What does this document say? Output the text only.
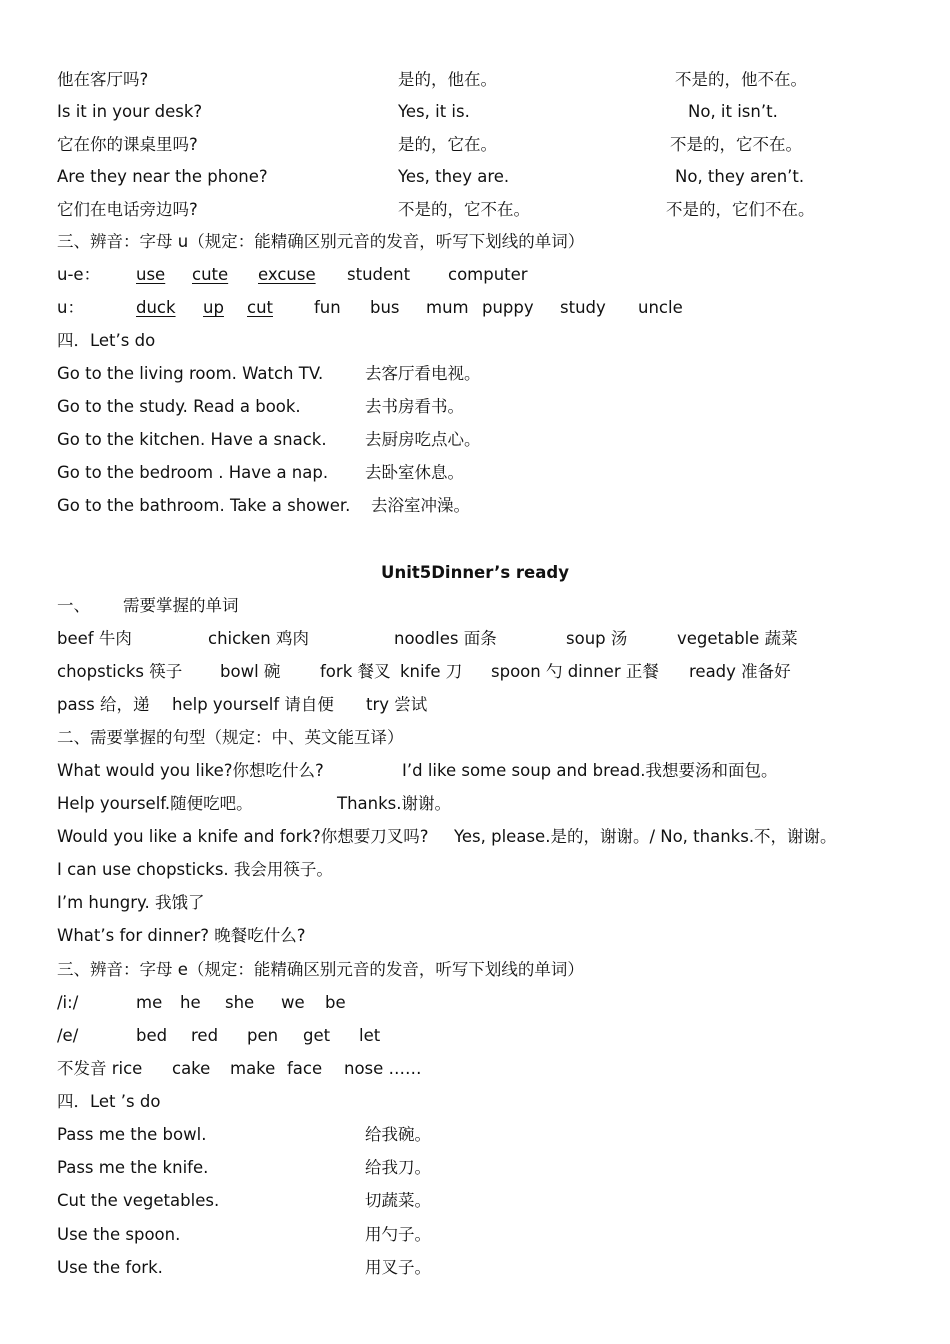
他在客厅吗?	是的，他在。	不是的，他不在。
Is it in your desk?	Yes, it is.	No, it isn’t.
它在你的课桌里吗?	是的，它在。	不是的，它不在。
Are they near the phone?	Yes, they are.	No, they aren’t.
它们在电话旁边吗?	不是的，它不在。	不是的，它们不在。
三、辨音：字母 u（规定：能精确区别元音的发音，听写下划线的单词）
u-e： use cute excuse student computer
u：	duck up cut fun bus mum puppy study uncle
四．Let’s do
Go to the living room. Watch TV.	去客厅看电视。
Go to the study. Read a book.	去书房看书。
Go to the kitchen. Have a snack. 去厨房吃点心。
Go to the bedroom . Have a nap. 去卧室休息。
Go to the bathroom. Take a shower. 去浴室冲澡。
Unit5Dinner’s ready
一、 需要掌握的单词
beef 牛肉	chicken 鸡肉	noodles 面条	soup 汤	vegetable 蔬菜
chopsticks 筷子 bowl 碗 fork 餐叉 knife 刀 spoon 勺 dinner 正餐 ready 准备好
pass 给，递 help yourself 请自便 try 尝试
二、需要掌握的句型（规定：中、英文能互译）
What would you like?你想吃什么?	I’d like some soup and bread.我想要汤和面包。
Help yourself.随便吃吧。	Thanks.谢谢。
Would you like a knife and fork?你想要刀叉吗? Yes, please.是的，谢谢。/ No, thanks.不，谢谢。
I can use chopsticks. 我会用筷子。
I’m hungry. 我饿了
What’s for dinner? 晚餐吃什么?
三、辨音：字母 e（规定：能精确区别元音的发音，听写下划线的单词）
/i:/	me he she we be
/e/	bed red pen get let
不发音 rice cake make face nose ……
四．Let ’s do
Pass me the bowl.	给我碗。
Pass me the knife.	给我刀。
Cut the vegetables.	切蔬菜。
Use the spoon.	用勺子。
Use the fork.	用叉子。
